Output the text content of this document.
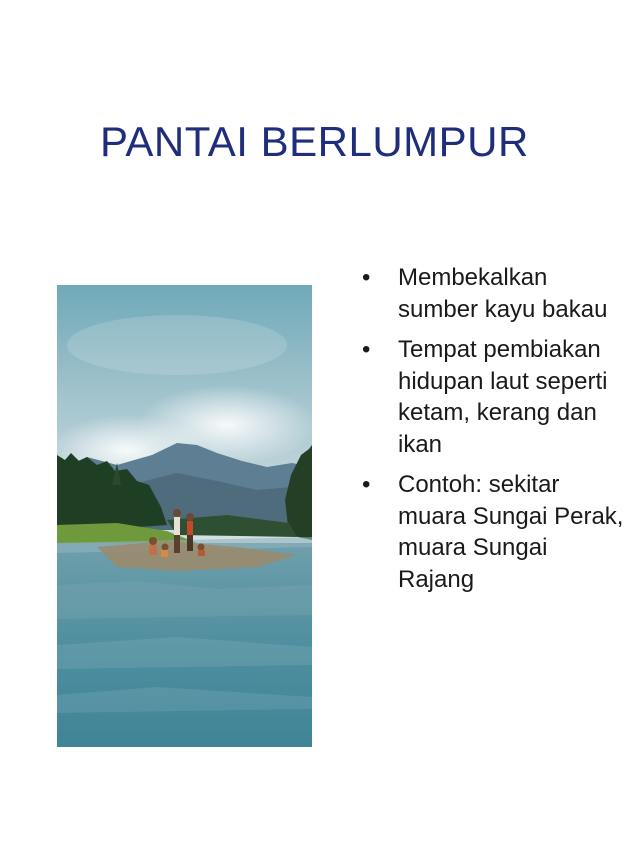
PANTAI BERLUMPUR
• Membekalkan sumber kayu bakau
• Tempat pembiakan hidupan laut seperti ketam, kerang dan ikan
• Contoh: sekitar muara Sungai Perak, muara Sungai Rajang
